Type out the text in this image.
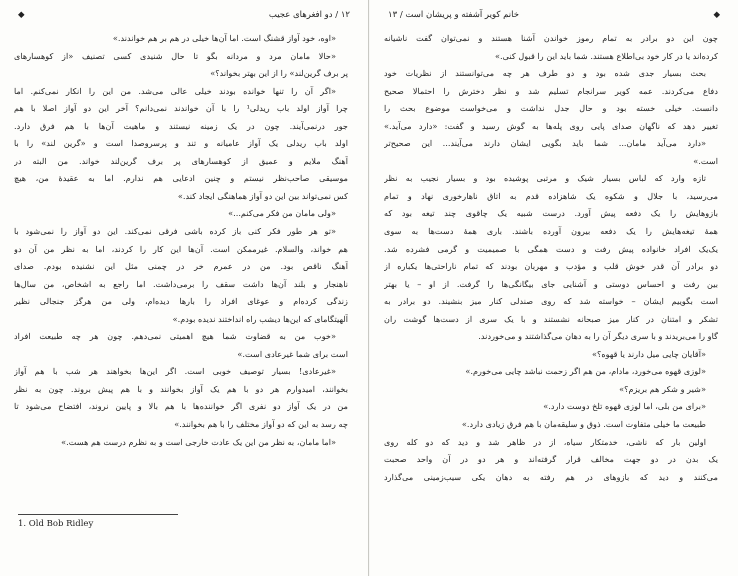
۱۲ / دو افغرهای عجیب
◆
«اوه، خود آواز قشنگ است. اما آن‌ها خیلی در هم بر هم خواندند.»
«حالا مامان مرد و مردانه بگو تا حال شنیدی کسی تصنیف «از کوهسارهای
پر برف گرین‌لند» را از این بهتر بخواند؟»
«اگر آن را تنها خوانده بودند خیلی عالی می‌شد. من این را انکار نمی‌کنم. اما
چرا آواز اولد باب ریدلی¹ را با آن خواندند نمی‌دانم؟ آخر این دو آواز اصلا با هم
جور درنمی‌آیند. چون در یک زمینه نیستند و ماهیت آن‌ها با هم فرق دارد.
اولد باب ریدلی یک آواز عامیانه و تند و پرسروصدا است و «گرین لند» را با
آهنگ ملایم و عمیق از کوهسارهای پر برف گرین‌لند خواند. من البته در
موسیقی صاحب‌نظر نیستم و چنین ادعایی هم ندارم. اما به عقیده‌ٔ من، هیچ
کس نمی‌تواند بین این دو آواز هماهنگی ایجاد کند.»
«ولی مامان من فکر می‌کنم...»
«تو هر طور فکر کنی باز کرده باشی فرقی نمی‌کند. این دو آواز را نمی‌شود با
هم خواند، والسلام. غیرممکن است. آن‌ها این کار را کردند، اما به نظر من آن دو
آهنگ ناقص بود. من در عمرم خر در چمنی مثل این نشنیده بودم. صدای
ناهنجار و بلند آن‌ها داشت سقف را برمی‌داشت. اما راجع به اشخاص، من سال‌ها
زندگی کرده‌ام و عوغای افراد را بارها دیده‌ام، ولی من هرگز جنجالی نظیر
آلهیتگامای که این‌ها دیشب راه انداختند ندیده بودم.»
«خوب من به قضاوت شما هیچ اهمیتی نمی‌دهم. چون هر چه طبیعت افراد
است برای شما غیرعادی است.»
«غیرعادی! بسیار توصیف خوبی است. اگر این‌ها بخواهند هر شب با هم آواز
بخوانند، امیدوارم هر دو با هم یک آواز بخوانند و با هم پیش بروند. چون به نظر
من در یک آواز دو نفری اگر خواننده‌ها با هم بالا و پایین نروند، افتضاح می‌شود تا
چه رسد به این که دو آواز مختلف را با هم بخوانند.»
«اما مامان، به نظر من این یک عادت خارجی است و به نظرم درست هم هست.»
1. Old Bob Ridley
◆
خانم کویر آشفته و پریشان است / ۱۳
چون این دو برادر به تمام رموز خواندن آشنا هستند و نمی‌توان گفت ناشیانه
کرده‌اند یا در کار خود بی‌اطلاع هستند. شما باید این را قبول کنی.»
بحث بسیار جدی شده بود و دو طرف هر چه می‌توانستند از نظریات خود
دفاع می‌کردند. عمه کویر سرانجام تسلیم شد و نظر دخترش را احتمالا صحیح
دانست. خیلی خسته بود و حال جدل نداشت و می‌خواست موضوع بحث را
تغییر دهد که ناگهان صدای پایی روی پله‌ها به گوش رسید و گفت: «دارد می‌آید.»
«دارد می‌آید مامان... شما باید بگویی ایشان دارند می‌آیند... این صحیح‌تر
است.»
تازه وارد که لباس بسیار شیک و مرتبی پوشیده بود و بسیار نجیب به نظر
می‌رسید، با جلال و شکوه یک شاهزاده قدم به اتاق ناهارخوری نهاد و تمام
بازوهایش را یک دفعه پیش آورد. درست شبیه یک چاقوی چند تیغه بود که
همهٔ تیغه‌هایش را یک دفعه بیرون آورده باشند. باری همهٔ دست‌ها به سوی
یک‌یک افراد خانواده پیش رفت و دست همگی با صمیمیت و گرمی فشرده شد.
دو برادر آن قدر خوش قلب و مؤدب و مهربان بودند که تمام ناراحتی‌ها یکباره از
بین رفت و احساس دوستی و آشنایی جای بیگانگی‌ها را گرفت. از او – یا بهتر
است بگوییم ایشان – خواسته شد که روی صندلی کنار میز بنشیند. دو برادر به
تشکر و امتنان در کنار میز صبحانه نشستند و با یک سری از دست‌ها گوشت ران
گاو را می‌بریدند و با سری دیگر آن را به دهان می‌گذاشتند و می‌خوردند.
«آقایان چایی میل دارند یا قهوه؟»
«لوزی قهوه می‌خورد، مادام، من هم اگر زحمت نباشد چایی می‌خورم.»
«شیر و شکر هم بریزم؟»
«برای من بلی، اما لوزی قهوه تلخ دوست دارد.»
طبیعت ما خیلی متفاوت است. ذوق و سلیقه‌مان با هم فرق زیادی دارد.»
اولین بار که ناشی، خدمتکار سیاه، از در ظاهر شد و دید که دو کله روی
یک بدن در دو جهت مخالف قرار گرفته‌اند و هر دو در آن واحد صحبت
می‌کنند و دید که بازوهای در هم رفته به دهان یکی سیب‌زمینی می‌گذارد
